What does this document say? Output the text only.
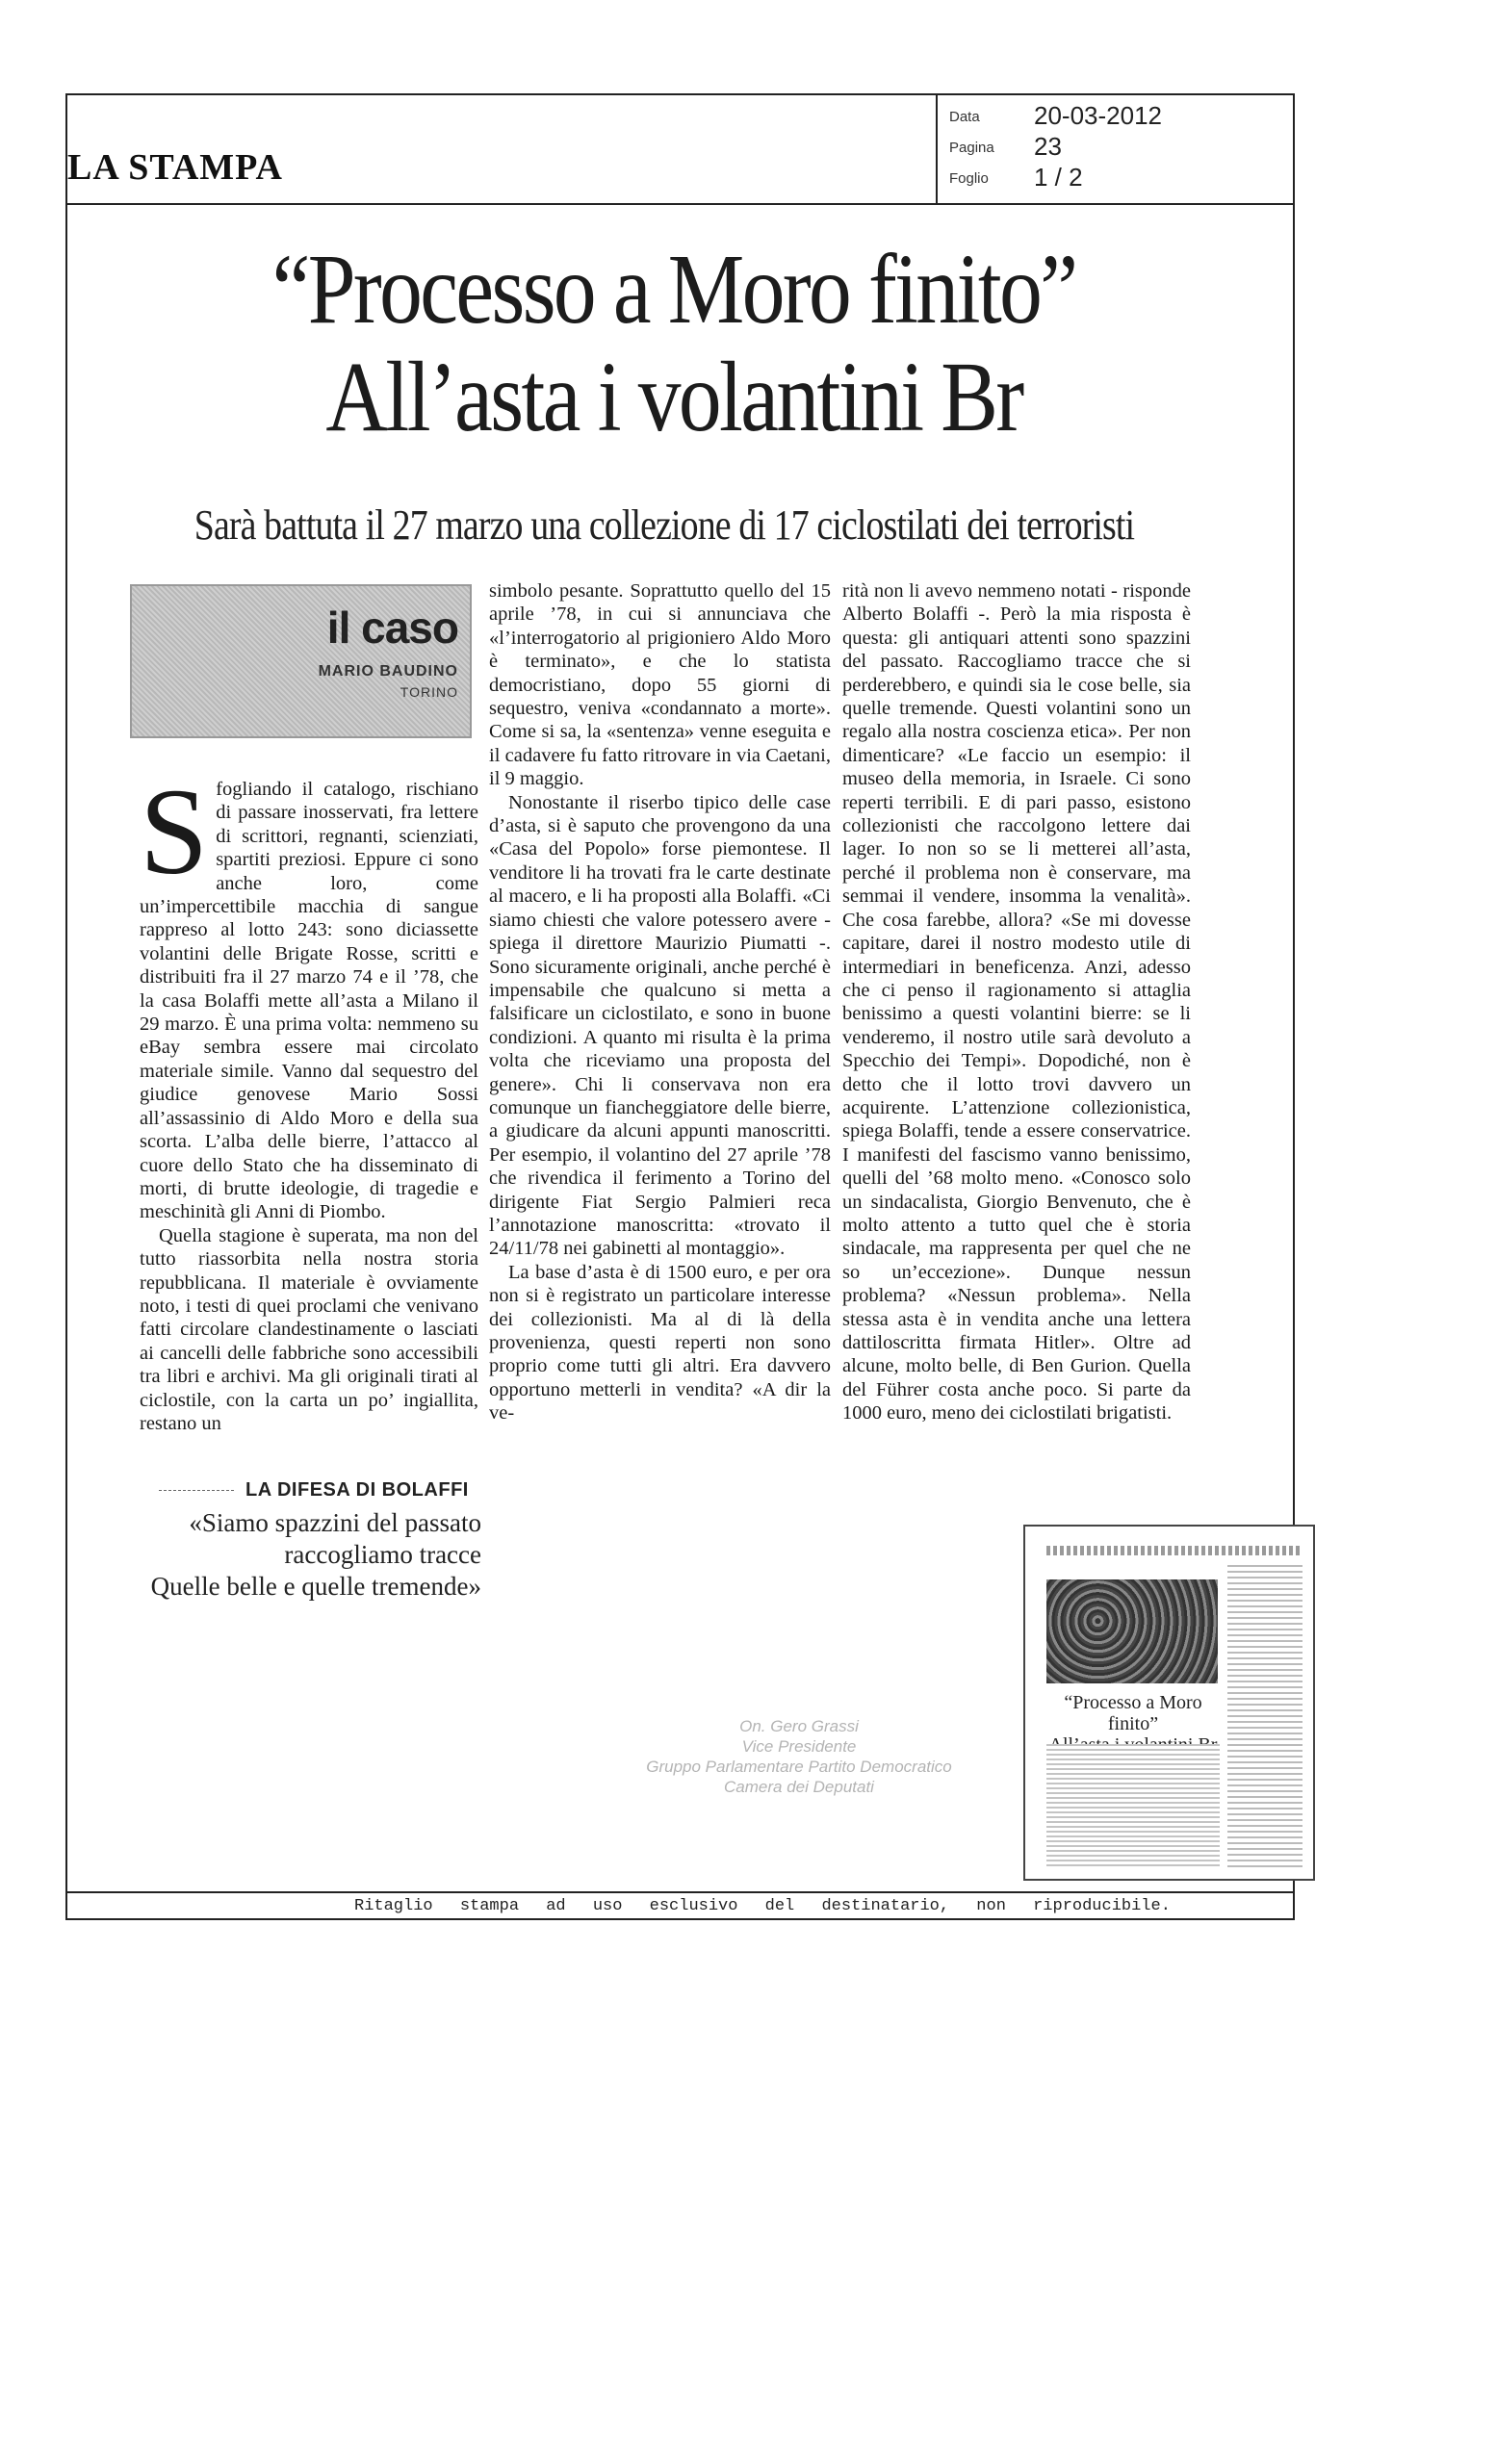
LA STAMPA
Data 20-03-2012
Pagina 23
Foglio 1 / 2
“Processo a Moro finito”
All’asta i volantini Br
Sarà battuta il 27 marzo una collezione di 17 ciclostilati dei terroristi
il caso
MARIO BAUDINO
TORINO

Sfogliando il catalogo, rischiano di passare inosservati, fra lettere di scrittori, regnanti, scienziati, spartiti preziosi. Eppure ci sono anche loro, come un’impercettibile macchia di sangue rappreso al lotto 243: sono diciassette volantini delle Brigate Rosse, scritti e distribuiti fra il 27 marzo 74 e il ’78, che la casa Bolaffi mette all’asta a Milano il 29 marzo. È una prima volta: nemmeno su eBay sembra essere mai circolato materiale simile. Vanno dal sequestro del giudice genovese Mario Sossi all’assassinio di Aldo Moro e della sua scorta. L’alba delle bierre, l’attacco al cuore dello Stato che ha disseminato di morti, di brutte ideologie, di tragedie e meschinità gli Anni di Piombo.

Quella stagione è superata, ma non del tutto riassorbita nella nostra storia repubblicana. Il materiale è ovviamente noto, i testi di quei proclami che venivano fatti circolare clandestinamente o lasciati ai cancelli delle fabbriche sono accessibili tra libri e archivi. Ma gli originali tirati al ciclostile, con la carta un po’ ingiallita, restano un

simbolo pesante. Soprattutto quello del 15 aprile ’78, in cui si annunciava che «l’interrogatorio al prigioniero Aldo Moro è terminato», e che lo statista democristiano, dopo 55 giorni di sequestro, veniva «condannato a morte». Come si sa, la «sentenza» venne eseguita e il cadavere fu fatto ritrovare in via Caetani, il 9 maggio.

Nonostante il riserbo tipico delle case d’asta, si è saputo che provengono da una «Casa del Popolo» forse piemontese. Il venditore li ha trovati fra le carte destinate al macero, e li ha proposti alla Bolaffi. «Ci siamo chiesti che valore potessero avere - spiega il direttore Maurizio Piumatti -. Sono sicuramente originali, anche perché è impensabile che qualcuno si metta a falsificare un ciclostilato, e sono in buone condizioni. A quanto mi risulta è la prima volta che riceviamo una proposta del genere». Chi li conservava non era comunque un fiancheggiatore delle bierre, a giudicare da alcuni appunti manoscritti. Per esempio, il volantino del 27 aprile ’78 che rivendica il ferimento a Torino del dirigente Fiat Sergio Palmieri reca l’annotazione manoscritta: «trovato il 24/11/78 nei gabinetti al montaggio».

La base d’asta è di 1500 euro, e per ora non si è registrato un particolare interesse dei collezionisti. Ma al di là della provenienza, questi reperti non sono proprio come tutti gli altri. Era davvero opportuno metterli in vendita? «A dir la ve-

rità non li avevo nemmeno notati - risponde Alberto Bolaffi -. Però la mia risposta è questa: gli antiquari attenti sono spazzini del passato. Raccogliamo tracce che si perderebbero, e quindi sia le cose belle, sia quelle tremende. Questi volantini sono un regalo alla nostra coscienza etica». Per non dimenticare? «Le faccio un esempio: il museo della memoria, in Israele. Ci sono reperti terribili. E di pari passo, esistono collezionisti che raccolgono lettere dai lager. Io non so se li metterei all’asta, perché il problema non è conservare, ma semmai il vendere, insomma la venalità». Che cosa farebbe, allora? «Se mi dovesse capitare, darei il nostro modesto utile di intermediari in beneficenza. Anzi, adesso che ci penso il ragionamento si attaglia benissimo a questi volantini bierre: se li venderemo, il nostro utile sarà devoluto a Specchio dei Tempi». Dopodiché, non è detto che il lotto trovi davvero un acquirente. L’attenzione collezionistica, spiega Bolaffi, tende a essere conservatrice. I manifesti del fascismo vanno benissimo, quelli del ’68 molto meno. «Conosco solo un sindacalista, Giorgio Benvenuto, che è molto attento a tutto quel che è storia sindacale, ma rappresenta per quel che ne so un’eccezione». Dunque nessun problema? «Nessun problema». Nella stessa asta è in vendita anche una lettera dattiloscritta firmata Hitler». Oltre ad alcune, molto belle, di Ben Gurion. Quella del Führer costa anche poco. Si parte da 1000 euro, meno dei ciclostilati brigatisti.

LA DIFESA DI BOLAFFI
«Siamo spazzini del passato
raccogliamo tracce
Quelle belle e quelle tremende»
“Processo a Moro finito”
On. Gero Grassi
Vice Presidente
Gruppo Parlamentare Partito Democratico
Camera dei Deputati
Ritaglio stampa ad uso esclusivo del destinatario, non riproducibile.
